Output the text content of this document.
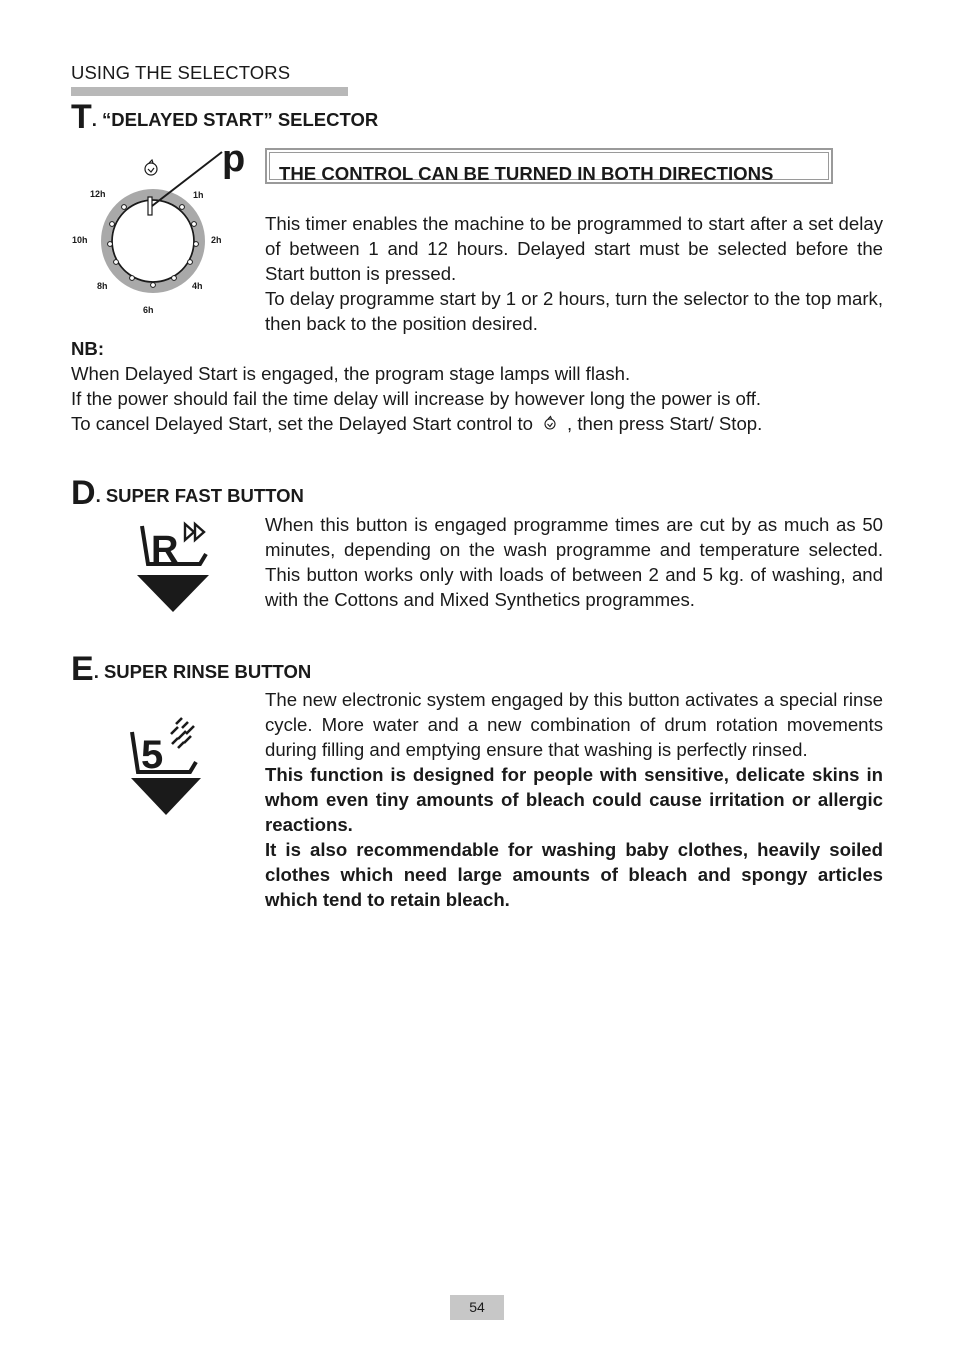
USING THE SELECTORS
T. “DELAYED START” SELECTOR
p
12h	1h
10h	2h
8h	4h
6h
THE CONTROL CAN BE TURNED IN BOTH DIRECTIONS

This timer enables the machine to be programmed to start after a set delay of between 1 and 12 hours. Delayed start must be selected before the Start button is pressed.

To delay programme start by 1 or 2 hours, turn the selector to the top mark, then back to the position desired.

NB:
When Delayed Start is engaged, the program stage lamps will flash.
If the power should fail the time delay will increase by however long the power is off.
To cancel Delayed Start, set the Delayed Start control to , then press Start/ Stop.
D. SUPER FAST BUTTON
R
When this button is engaged programme times are cut by as much as 50 minutes, depending on the wash programme and temperature selected. This button works only with loads of between 2 and 5 kg. of washing, and with the Cottons and Mixed Synthetics programmes.
E. SUPER RINSE BUTTON
5

The new electronic system engaged by this button activates a special rinse cycle. More water and a new combination of drum rotation movements during filling and emptying ensure that washing is perfectly rinsed.

This function is designed for people with sensitive, delicate skins in whom even tiny amounts of bleach could cause irritation or allergic reactions.

It is also recommendable for washing baby clothes, heavily soiled clothes which need large amounts of bleach and spongy articles which tend to retain bleach.

54
